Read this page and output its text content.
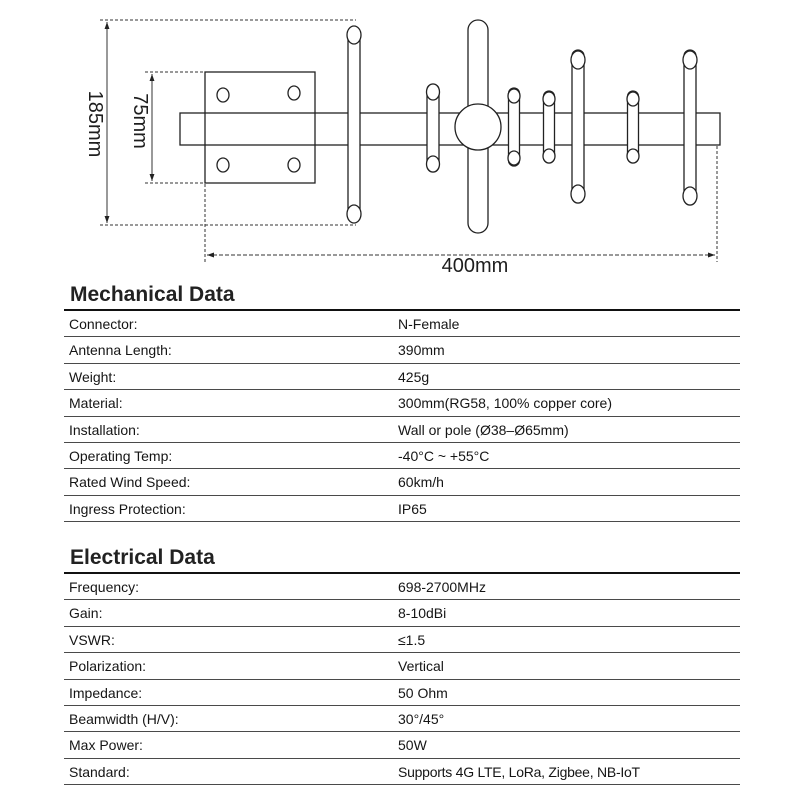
185mm 75mm
400mm
Mechanical Data
Connector:	N-Female
Antenna Length:	390mm
Weight:	425g
Material:	300mm(RG58, 100% copper core)
Installation:	Wall or pole (Ø38–Ø65mm)
Operating Temp:	-40°C ~ +55°C
Rated Wind Speed:	60km/h
Ingress Protection:	IP65
Electrical Data
Frequency:	698-2700MHz
Gain:	8-10dBi
VSWR:	≤1.5
Polarization:	Vertical
Impedance:	50 Ohm
Beamwidth (H/V):	30°/45°
Max Power:	50W
Standard:	Supports 4G LTE, LoRa, Zigbee, NB-IoT
